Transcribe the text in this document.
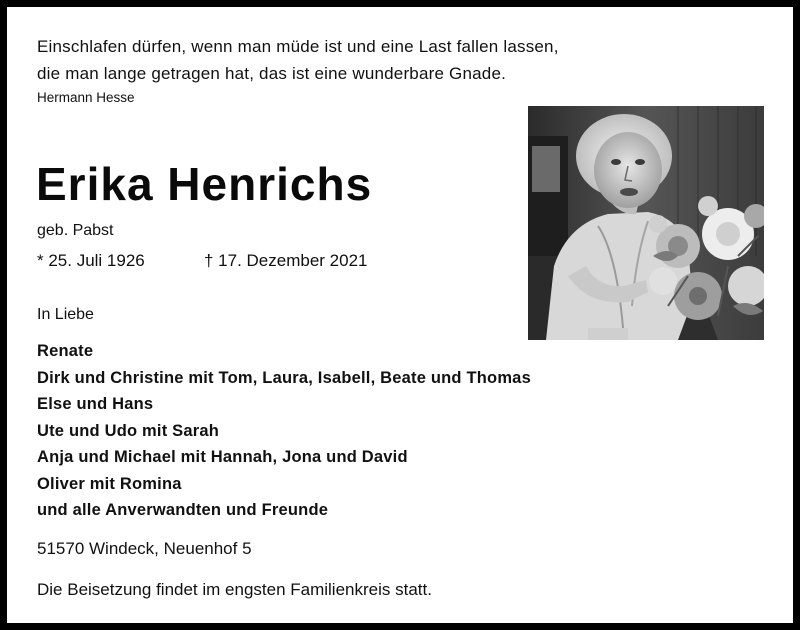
Einschlafen dürfen, wenn man müde ist und eine Last fallen lassen,
die man lange getragen hat, das ist eine wunderbare Gnade.
Hermann Hesse
Erika Henrichs
geb. Pabst
* 25. Juli 1926	† 17. Dezember 2021
In Liebe
Renate
Dirk und Christine mit Tom, Laura, Isabell, Beate und Thomas
Else und Hans
Ute und Udo mit Sarah
Anja und Michael mit Hannah, Jona und David
Oliver mit Romina
und alle Anverwandten und Freunde
51570 Windeck, Neuenhof 5
Die Beisetzung findet im engsten Familienkreis statt.
